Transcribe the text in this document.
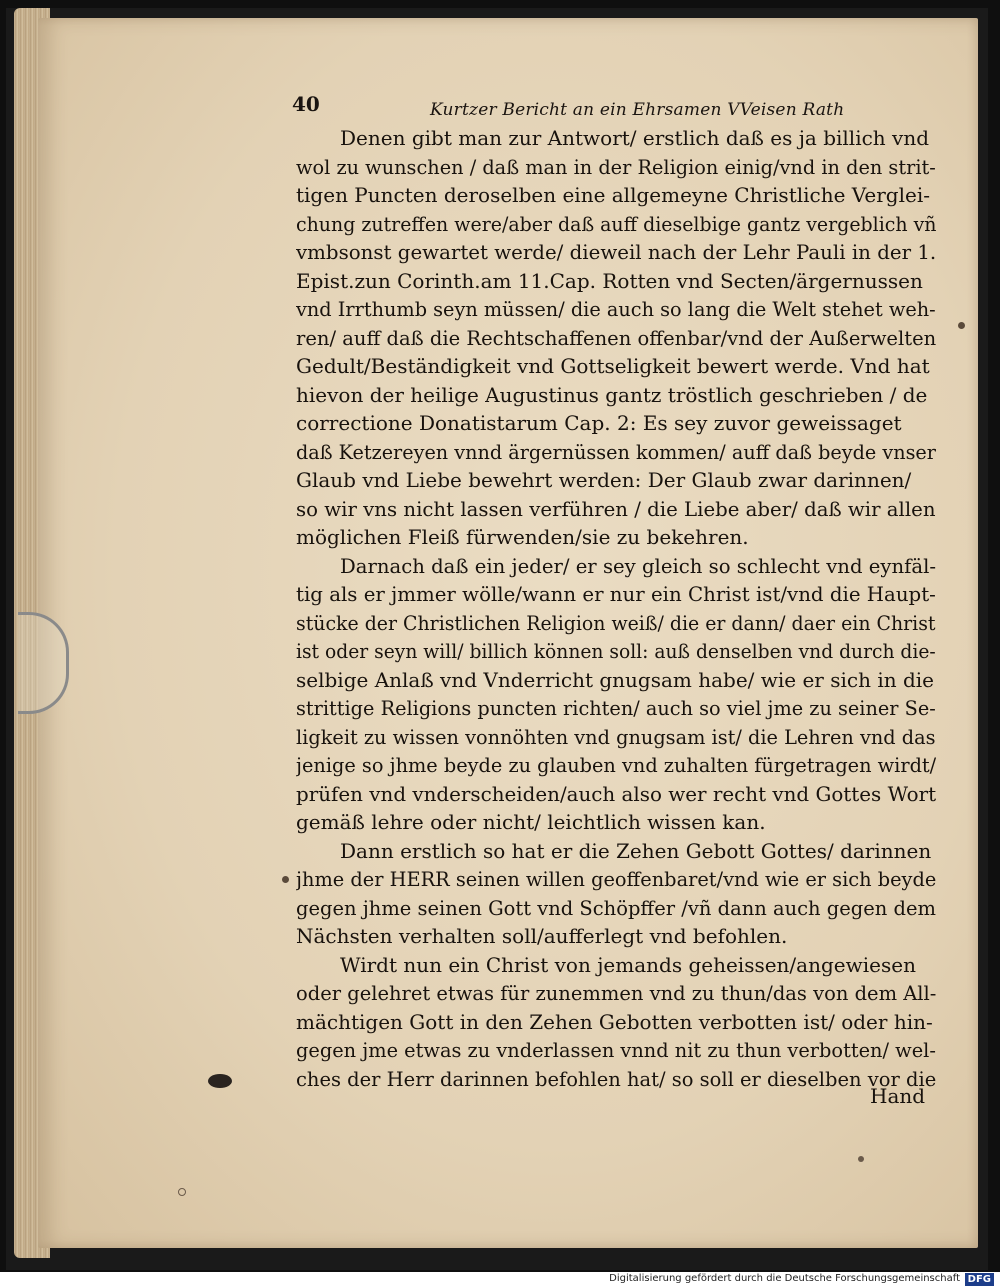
40	Kurtzer Bericht an ein Ehrsamen VVeisen Rath
Denen gibt man zur Antwort/ erstlich daß es ja billich vnd
wol zu wunschen / daß man in der Religion einig/vnd in den strit-
tigen Puncten deroselben eine allgemeyne Christliche Verglei-
chung zutreffen were/aber daß auff dieselbige gantz vergeblich vñ
vmbsonst gewartet werde/ dieweil nach der Lehr Pauli in der 1.
Epist.zun Corinth.am 11.Cap. Rotten vnd Secten/ärgernussen
vnd Irrthumb seyn müssen/ die auch so lang die Welt stehet weh-
ren/ auff daß die Rechtschaffenen offenbar/vnd der Außerwelten
Gedult/Beständigkeit vnd Gottseligkeit bewert werde. Vnd hat
hievon der heilige Augustinus gantz tröstlich geschrieben / de
correctione Donatistarum Cap. 2: Es sey zuvor geweissaget
daß Ketzereyen vnnd ärgernüssen kommen/ auff daß beyde vnser
Glaub vnd Liebe bewehrt werden: Der Glaub zwar darinnen/
so wir vns nicht lassen verführen / die Liebe aber/ daß wir allen
möglichen Fleiß fürwenden/sie zu bekehren.
Darnach daß ein jeder/ er sey gleich so schlecht vnd eynfäl-
tig als er jmmer wölle/wann er nur ein Christ ist/vnd die Haupt-
stücke der Christlichen Religion weiß/ die er dann/ daer ein Christ
ist oder seyn will/ billich können soll: auß denselben vnd durch die-
selbige Anlaß vnd Vnderricht gnugsam habe/ wie er sich in die
strittige Religions puncten richten/ auch so viel jme zu seiner Se-
ligkeit zu wissen vonnöhten vnd gnugsam ist/ die Lehren vnd das
jenige so jhme beyde zu glauben vnd zuhalten fürgetragen wirdt/
prüfen vnd vnderscheiden/auch also wer recht vnd Gottes Wort
gemäß lehre oder nicht/ leichtlich wissen kan.
Dann erstlich so hat er die Zehen Gebott Gottes/ darinnen
jhme der HERR seinen willen geoffenbaret/vnd wie er sich beyde
gegen jhme seinen Gott vnd Schöpffer /vñ dann auch gegen dem
Nächsten verhalten soll/aufferlegt vnd befohlen.
Wirdt nun ein Christ von jemands geheissen/angewiesen
oder gelehret etwas für zunemmen vnd zu thun/das von dem All-
mächtigen Gott in den Zehen Gebotten verbotten ist/ oder hin-
gegen jme etwas zu vnderlassen vnnd nit zu thun verbotten/ wel-
ches der Herr darinnen befohlen hat/ so soll er dieselben vor die
Hand
Digitalisierung gefördert durch die Deutsche Forschungsgemeinschaft DFG
